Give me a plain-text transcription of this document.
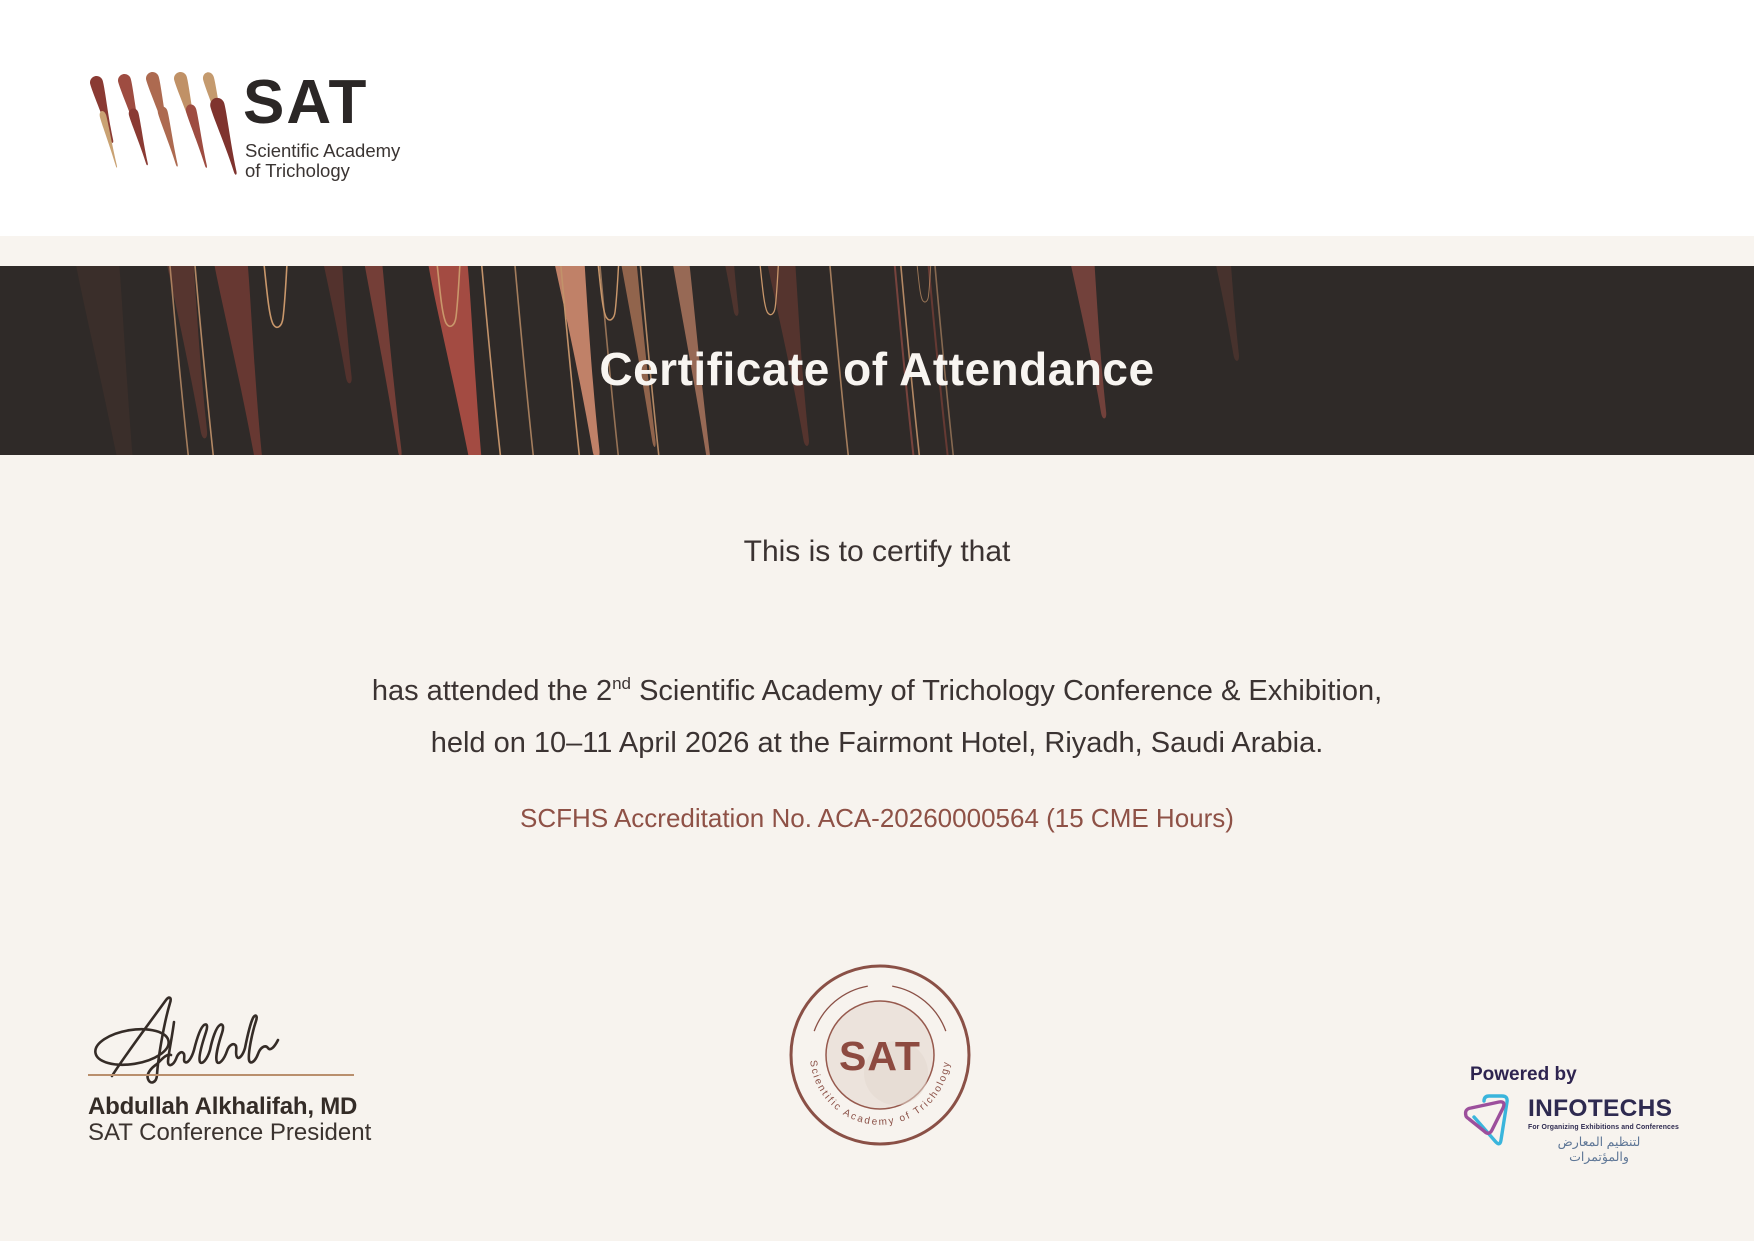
SAT
Scientific Academy
of Trichology
Certificate of Attendance
This is to certify that
has attended the 2nd Scientific Academy of Trichology Conference & Exhibition,
held on 10–11 April 2026 at the Fairmont Hotel, Riyadh, Saudi Arabia.
SCFHS Accreditation No. ACA-20260000564 (15 CME Hours)
Abdullah Alkhalifah, MD
SAT Conference President
Scientific Academy of Trichology
SAT	Powered by
INFOTECHS
For Organizing Exhibitions and Conferences
لتنظيم المعارض والمؤتمرات
